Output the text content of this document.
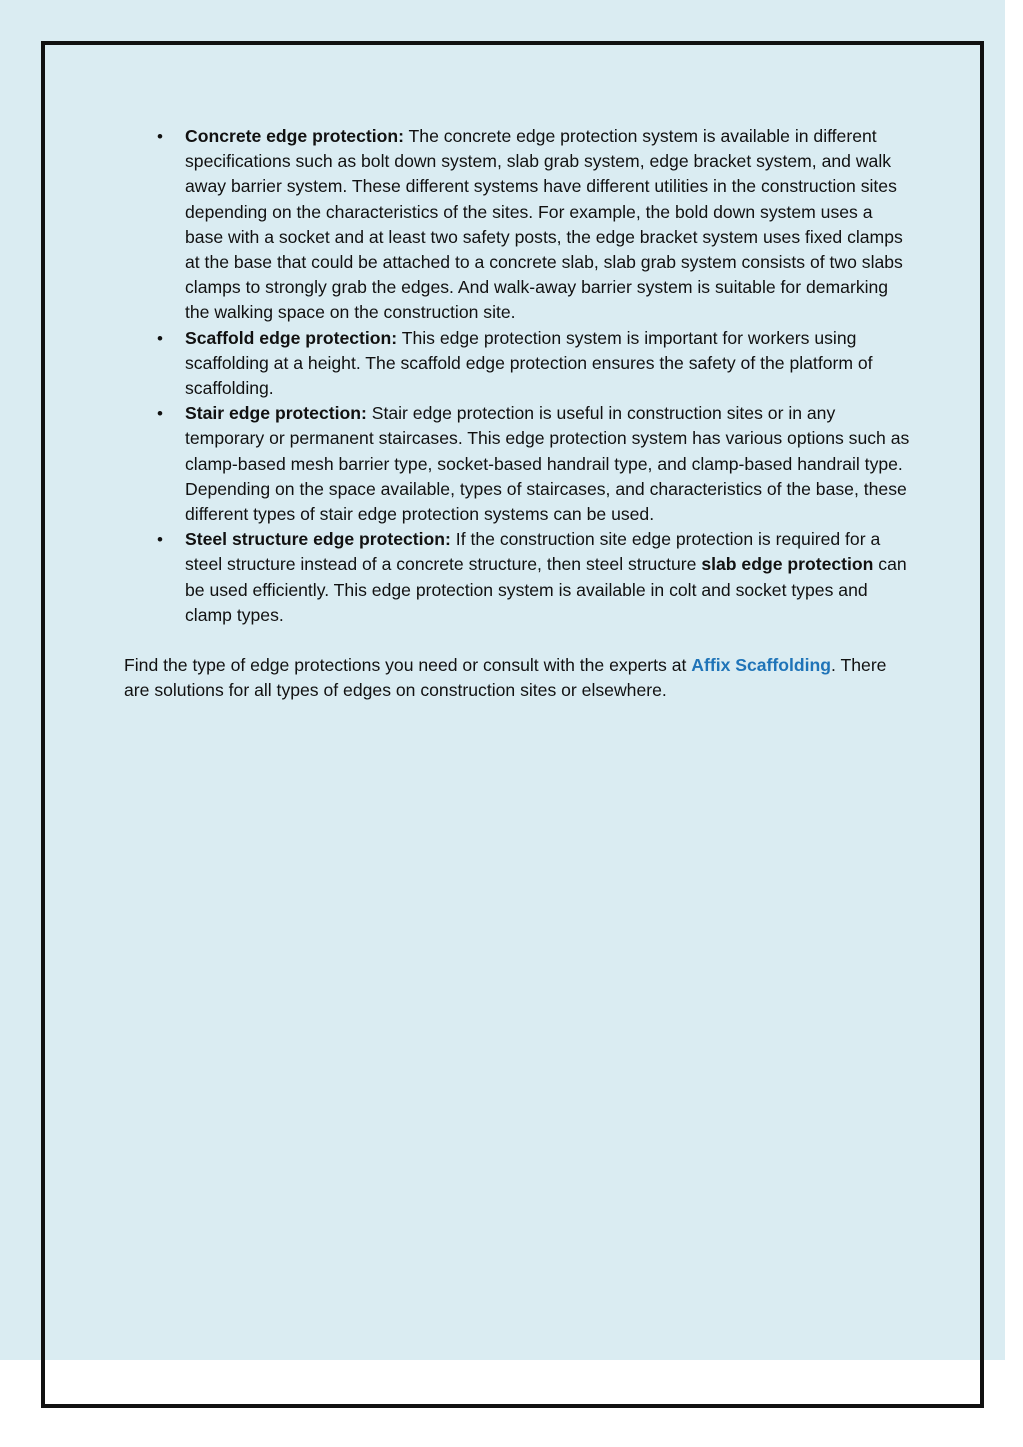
• Concrete edge protection: The concrete edge protection system is available in different specifications such as bolt down system, slab grab system, edge bracket system, and walk away barrier system. These different systems have different utilities in the construction sites depending on the characteristics of the sites. For example, the bold down system uses a base with a socket and at least two safety posts, the edge bracket system uses fixed clamps at the base that could be attached to a concrete slab, slab grab system consists of two slabs clamps to strongly grab the edges. And walk-away barrier system is suitable for demarking the walking space on the construction site.
• Scaffold edge protection: This edge protection system is important for workers using scaffolding at a height. The scaffold edge protection ensures the safety of the platform of scaffolding.
• Stair edge protection: Stair edge protection is useful in construction sites or in any temporary or permanent staircases. This edge protection system has various options such as clamp-based mesh barrier type, socket-based handrail type, and clamp-based handrail type. Depending on the space available, types of staircases, and characteristics of the base, these different types of stair edge protection systems can be used.
• Steel structure edge protection: If the construction site edge protection is required for a steel structure instead of a concrete structure, then steel structure slab edge protection can be used efficiently. This edge protection system is available in colt and socket types and clamp types.

Find the type of edge protections you need or consult with the experts at Affix Scaffolding. There are solutions for all types of edges on construction sites or elsewhere.
